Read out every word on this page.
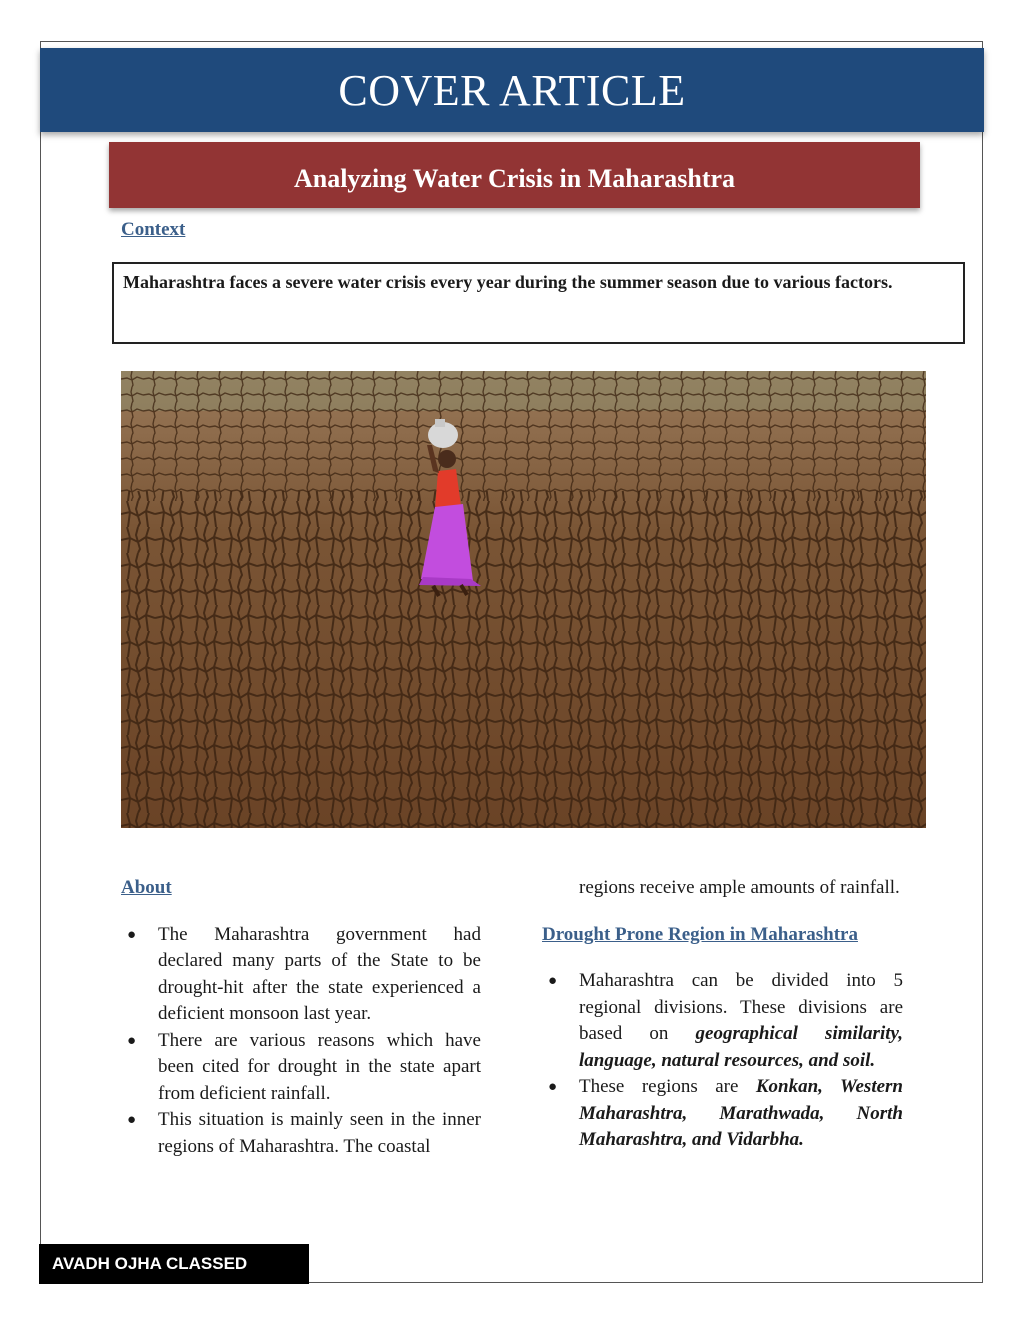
COVER ARTICLE
Analyzing Water Crisis in Maharashtra
Context
Maharashtra faces a severe water crisis every year during the summer season due to various factors.
About
● The Maharashtra government had declared many parts of the State to be drought-hit after the state experienced a deficient monsoon last year.
● There are various reasons which have been cited for drought in the state apart from deficient rainfall.
● This situation is mainly seen in the inner regions of Maharashtra. The coastal
regions receive ample amounts of rainfall.
Drought Prone Region in Maharashtra
● Maharashtra can be divided into 5 regional divisions. These divisions are based on geographical similarity, language, natural resources, and soil.
● These regions are Konkan, Western Maharashtra, Marathwada, North Maharashtra, and Vidarbha.
AVADH OJHA CLASSED
